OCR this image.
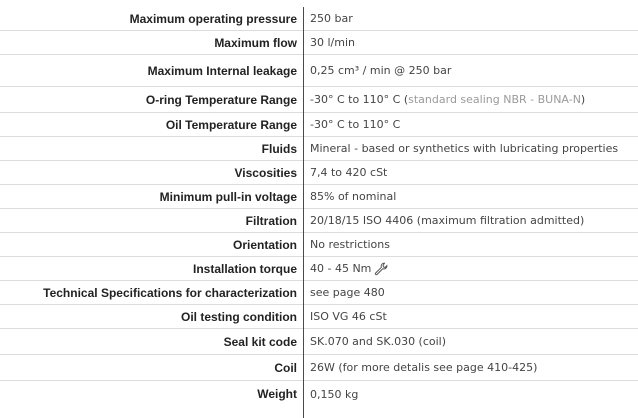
Maximum operating pressure	250 bar
Maximum flow	30 l/min
Maximum Internal leakage	0,25 cm³ / min @ 250 bar
O-ring Temperature Range	-30° C to 110° C (standard sealing NBR - BUNA-N)
Oil Temperature Range	-30° C to 110° C
Fluids	Mineral - based or synthetics with lubricating properties
Viscosities	7,4 to 420 cSt
Minimum pull-in voltage	85% of nominal
Filtration	20/18/15 ISO 4406 (maximum filtration admitted)
Orientation	No restrictions
Installation torque	40 - 45 Nm
Technical Specifications for characterization	see page 480
Oil testing condition	ISO VG 46 cSt
Seal kit code	SK.070 and SK.030 (coil)
Coil	26W (for more detalis see page 410-425)
Weight	0,150 kg
